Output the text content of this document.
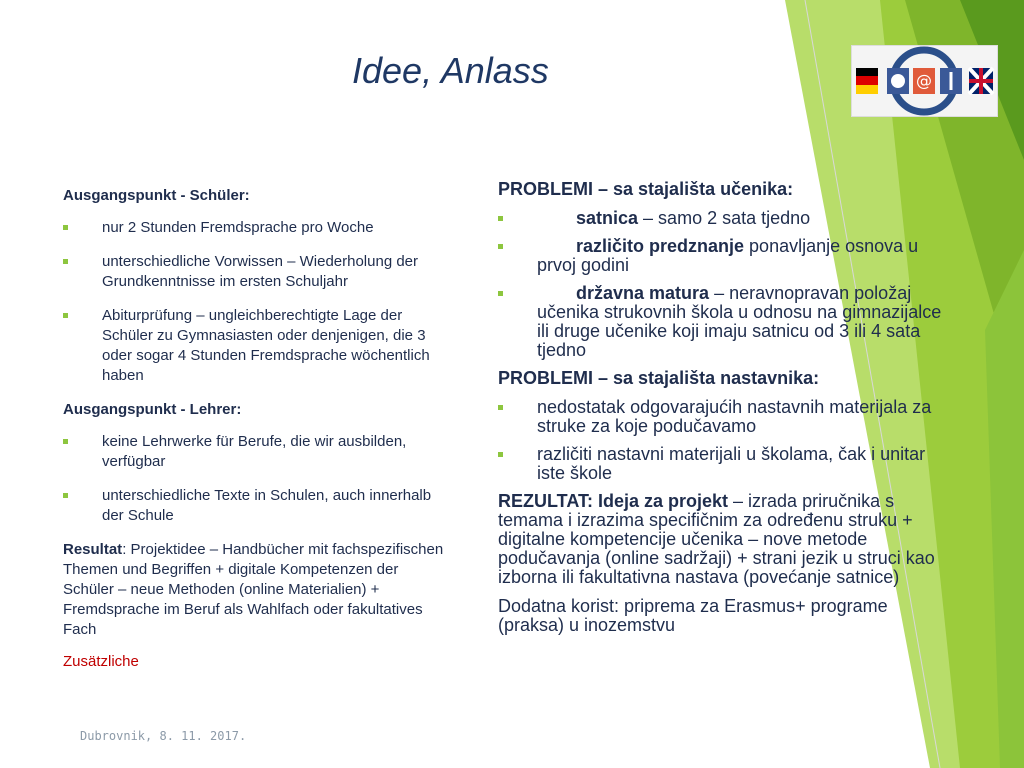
Idee, Anlass	@

Ausgangspunkt - Schüler:

nur 2 Stunden Fremdsprache pro Woche
unterschiedliche Vorwissen – Wiederholung der Grundkenntnisse im ersten Schuljahr
Abiturprüfung – ungleichberechtigte Lage der Schüler zu Gymnasiasten oder denjenigen, die 3 oder sogar 4 Stunden Fremdsprache wöchentlich haben

Ausgangspunkt - Lehrer:

keine Lehrwerke für Berufe, die wir ausbilden, verfügbar
unterschiedliche Texte in Schulen, auch innerhalb der Schule

Resultat: Projektidee – Handbücher mit fachspezifischen Themen und Begriffen + digitale Kompetenzen der Schüler – neue Methoden (online Materialien) + Fremdsprache im Beruf als Wahlfach oder fakultatives Fach

Zusätzliche

PROBLEMI – sa stajališta učenika:

satnica – samo 2 sata tjedno
različito predznanje ponavljanje osnova u prvoj godini
državna matura – neravnopravan položaj učenika strukovnih škola u odnosu na gimnazijalce ili druge učenike koji imaju satnicu od 3 ili 4 sata tjedno

PROBLEMI – sa stajališta nastavnika:

nedostatak odgovarajućih nastavnih materijala za struke za koje podučavamo
različiti nastavni materijali u školama, čak i unitar iste škole

REZULTAT: Ideja za projekt – izrada priručnika s temama i izrazima specifičnim za određenu struku + digitalne kompetencije učenika – nove metode podučavanja (online sadržaji) + strani jezik u struci kao izborna ili fakultativna nastava (povećanje satnice)

Dodatna korist: priprema za Erasmus+ programe (praksa) u inozemstvu

Dubrovnik, 8. 11. 2017.
